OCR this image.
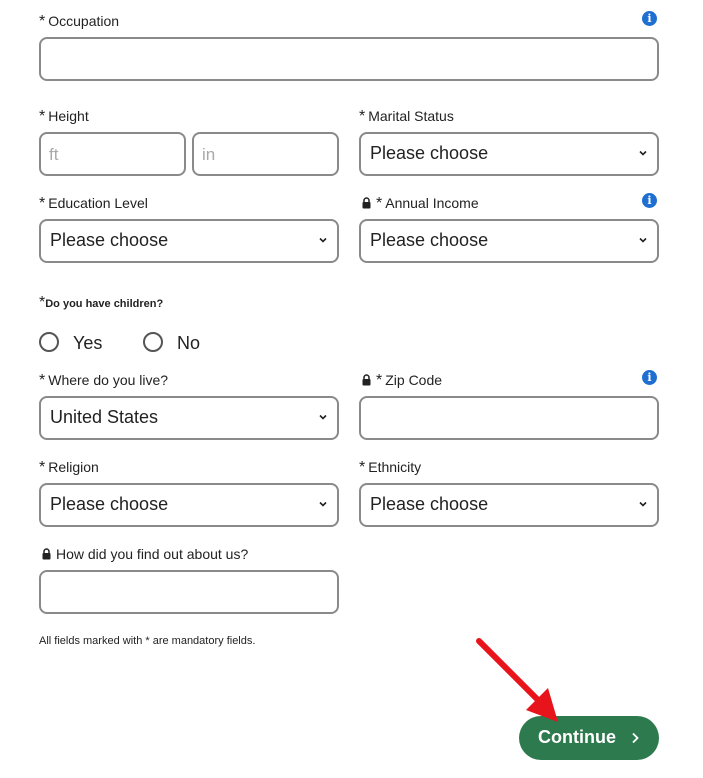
* Occupation	i
* Height
ft	in
* Marital Status
Please choose
* Education Level
Please choose
* Annual Income	i
Please choose
*Do you have children?
Yes	No
* Where do you live?
United States
* Zip Code	i
* Religion
Please choose
* Ethnicity
Please choose
How did you find out about us?
All fields marked with * are mandatory fields.
Continue
